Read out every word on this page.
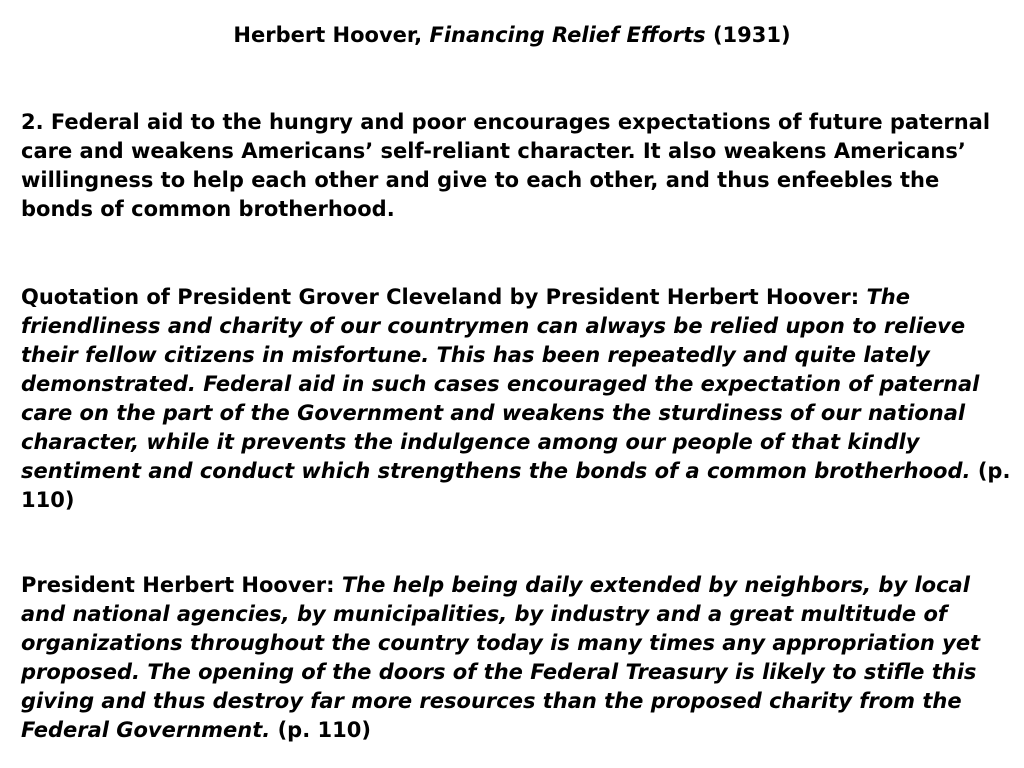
Herbert Hoover, Financing Relief Efforts (1931)

2. Federal aid to the hungry and poor encourages expectations of future paternal care and weakens Americans’ self-reliant character. It also weakens Americans’ willingness to help each other and give to each other, and thus enfeebles the bonds of common brotherhood.

Quotation of President Grover Cleveland by President Herbert Hoover: The friendliness and charity of our countrymen can always be relied upon to relieve their fellow citizens in misfortune. This has been repeatedly and quite lately demonstrated. Federal aid in such cases encouraged the expectation of paternal care on the part of the Government and weakens the sturdiness of our national character, while it prevents the indulgence among our people of that kindly sentiment and conduct which strengthens the bonds of a common brotherhood. (p. 110)

President Herbert Hoover: The help being daily extended by neighbors, by local and national agencies, by municipalities, by industry and a great multitude of organizations throughout the country today is many times any appropriation yet proposed. The opening of the doors of the Federal Treasury is likely to stifle this giving and thus destroy far more resources than the proposed charity from the Federal Government. (p. 110)
